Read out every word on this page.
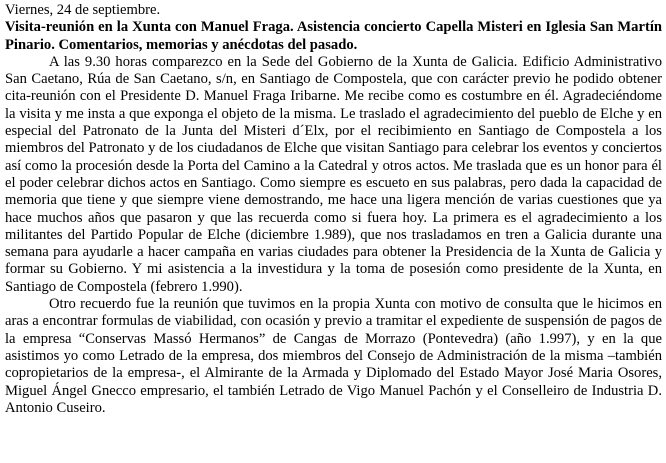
Viernes, 24 de septiembre.

Visita-reunión en la Xunta con Manuel Fraga. Asistencia concierto Capella Misteri en Iglesia San Martín Pinario. Comentarios, memorias y anécdotas del pasado.

A las 9.30 horas comparezco en la Sede del Gobierno de la Xunta de Galicia. Edificio Administrativo San Caetano, Rúa de San Caetano, s/n, en Santiago de Compostela, que con carácter previo he podido obtener cita-reunión con el Presidente D. Manuel Fraga Iribarne. Me recibe como es costumbre en él. Agradeciéndome la visita y me insta a que exponga el objeto de la misma. Le traslado el agradecimiento del pueblo de Elche y en especial del Patronato de la Junta del Misteri d´Elx, por el recibimiento en Santiago de Compostela a los miembros del Patronato y de los ciudadanos de Elche que visitan Santiago para celebrar los eventos y conciertos así como la procesión desde la Porta del Camino a la Catedral y otros actos. Me traslada que es un honor para él el poder celebrar dichos actos en Santiago. Como siempre es escueto en sus palabras, pero dada la capacidad de memoria que tiene y que siempre viene demostrando, me hace una ligera mención de varias cuestiones que ya hace muchos años que pasaron y que las recuerda como si fuera hoy. La primera es el agradecimiento a los militantes del Partido Popular de Elche (diciembre 1.989), que nos trasladamos en tren a Galicia durante una semana para ayudarle a hacer campaña en varias ciudades para obtener la Presidencia de la Xunta de Galicia y formar su Gobierno. Y mi asistencia a la investidura y la toma de posesión como presidente de la Xunta, en Santiago de Compostela (febrero 1.990).

Otro recuerdo fue la reunión que tuvimos en la propia Xunta con motivo de consulta que le hicimos en aras a encontrar formulas de viabilidad, con ocasión y previo a tramitar el expediente de suspensión de pagos de la empresa “Conservas Massó Hermanos” de Cangas de Morrazo (Pontevedra) (año 1.997), y en la que asistimos yo como Letrado de la empresa, dos miembros del Consejo de Administración de la misma –también copropietarios de la empresa-, el Almirante de la Armada y Diplomado del Estado Mayor José Maria Osores, Miguel Ángel Gnecco empresario, el también Letrado de Vigo Manuel Pachón y el Conselleiro de Industria D. Antonio Cuseiro.
